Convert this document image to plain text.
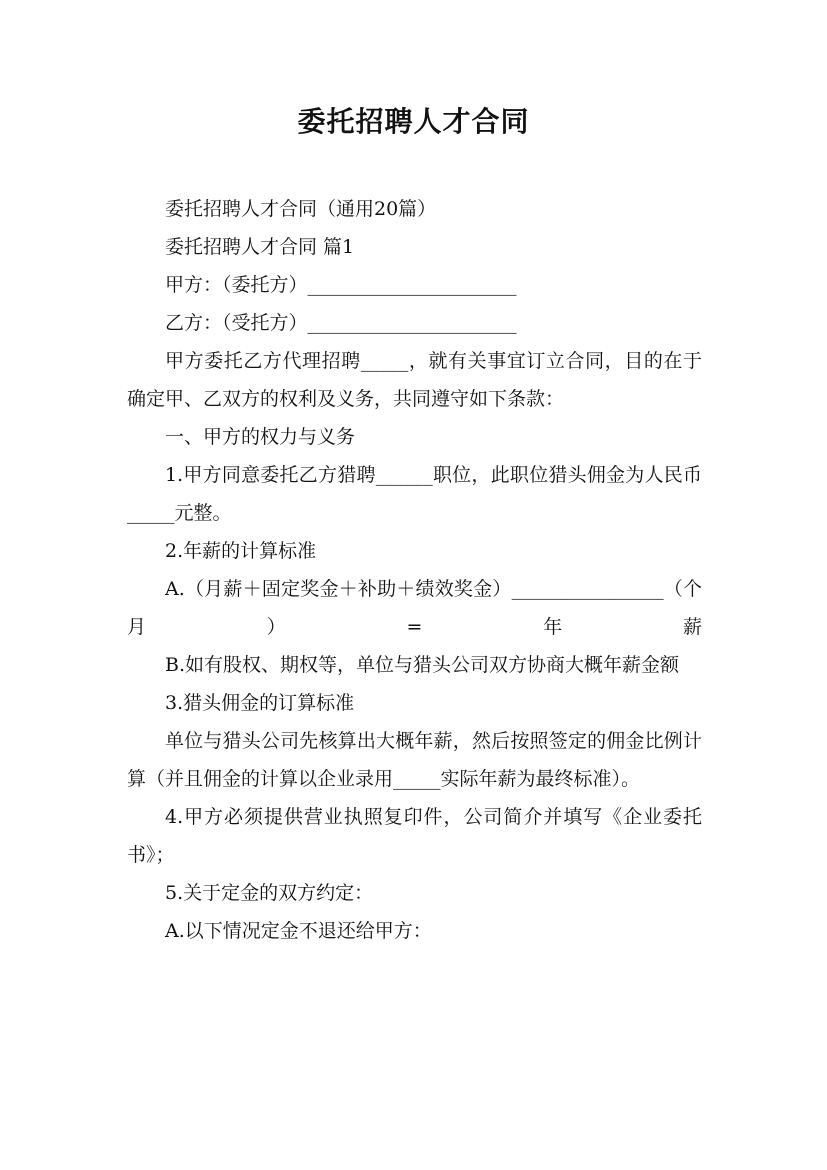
委托招聘人才合同

委托招聘人才合同（通用20篇）

委托招聘人才合同 篇1

甲方：（委托方）______________________

乙方：（受托方）______________________

甲方委托乙方代理招聘_____，就有关事宜订立合同，目的在于确定甲、乙双方的权利及义务，共同遵守如下条款：

一、甲方的权力与义务

1.甲方同意委托乙方猎聘______职位，此职位猎头佣金为人民币_____元整。

2.年薪的计算标准

A.（月薪＋固定奖金＋补助＋绩效奖金）________________（个月）=年薪

B.如有股权、期权等，单位与猎头公司双方协商大概年薪金额

3.猎头佣金的订算标准

单位与猎头公司先核算出大概年薪，然后按照签定的佣金比例计算（并且佣金的计算以企业录用_____实际年薪为最终标准）。

4.甲方必须提供营业执照复印件，公司简介并填写《企业委托书》；

5.关于定金的双方约定：

A.以下情况定金不退还给甲方：
